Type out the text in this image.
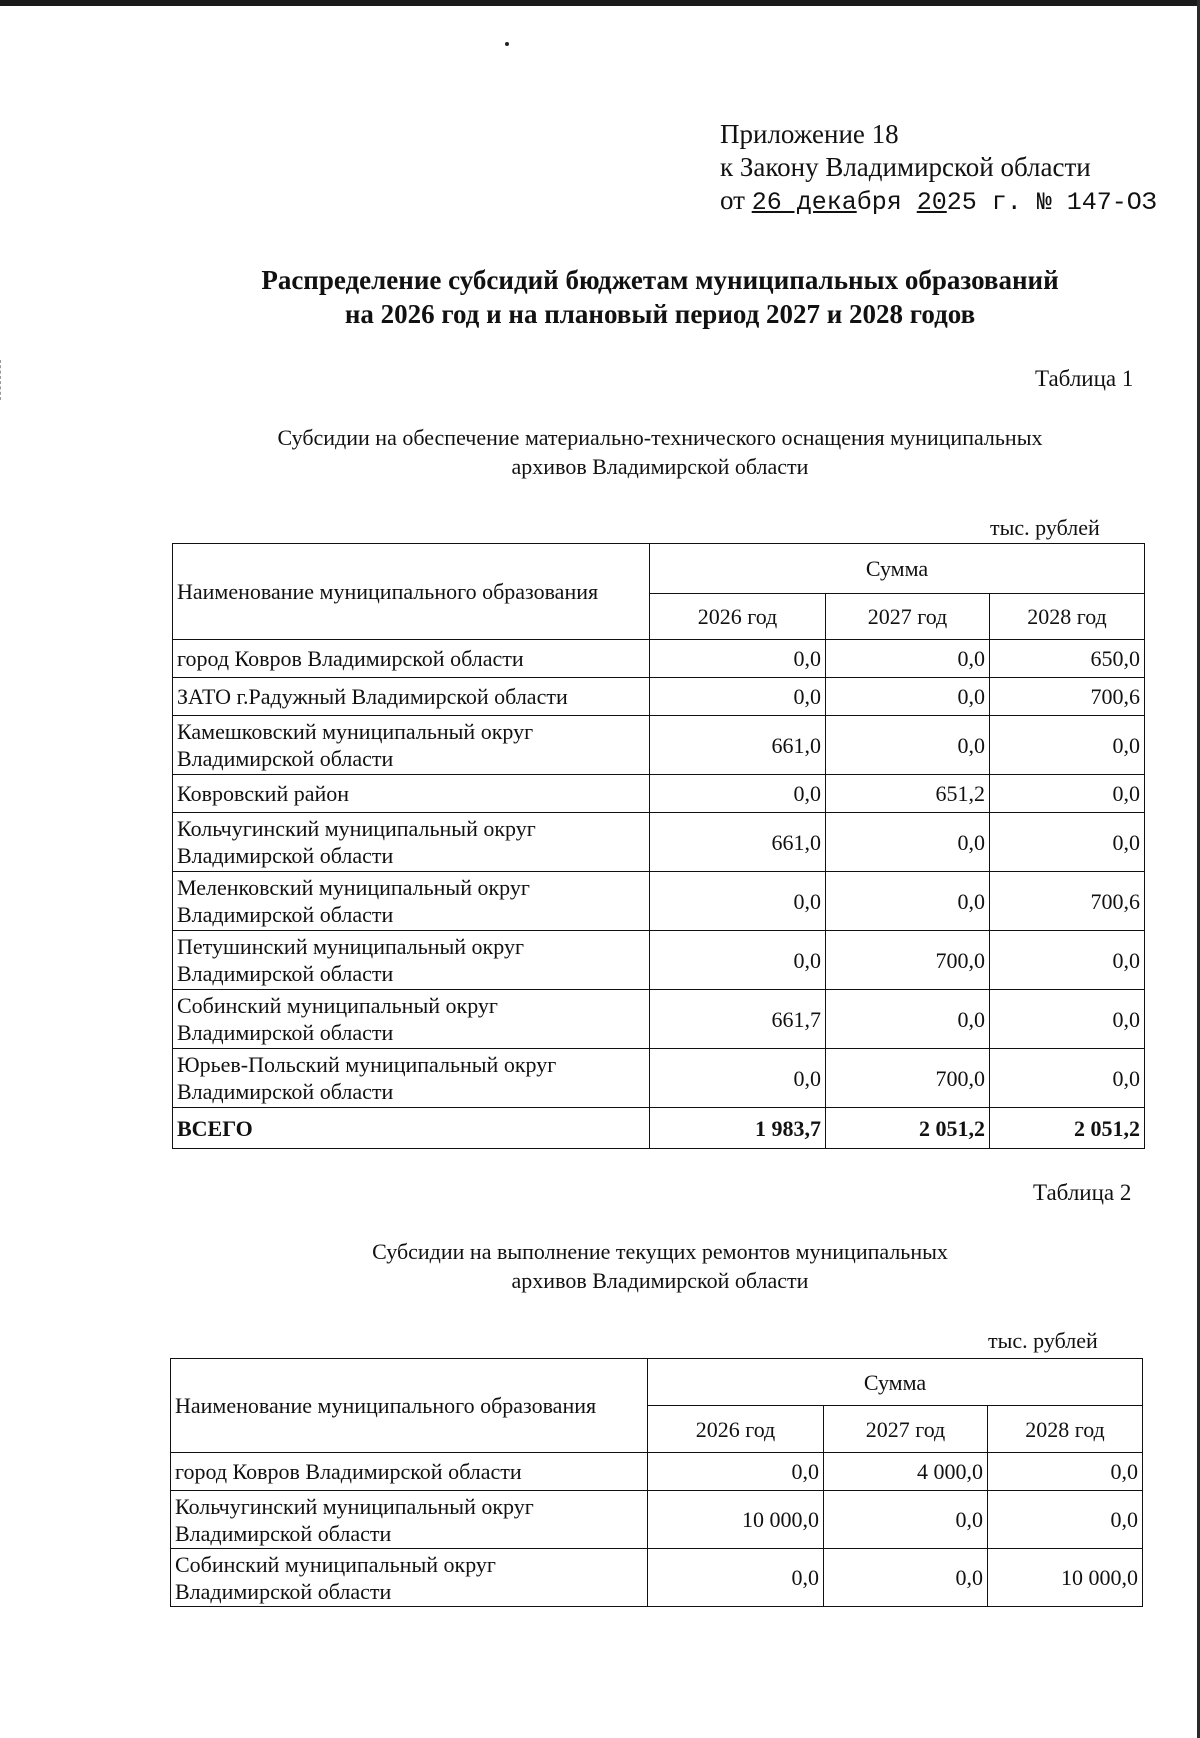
Приложение 18
к Закону Владимирской области
от 26 декабря 2025 г. № 147-ОЗ
Распределение субсидий бюджетам муниципальных образований
на 2026 год и на плановый период 2027 и 2028 годов
Таблица 1
Субсидии на обеспечение материально-технического оснащения муниципальных
архивов Владимирской области
тыс. рублей
Наименование муниципального образования	Сумма		
	2026 год	2027 год	2028 год

город Ковров Владимирской области	0,0	0,0	650,0

ЗАТО г.Радужный Владимирской области	0,0	0,0	700,6

Камешковский муниципальный округ
Владимирской области	661,0	0,0	0,0

Ковровский район	0,0	651,2	0,0

Кольчугинский муниципальный округ
Владимирской области	661,0	0,0	0,0

Меленковский муниципальный округ
Владимирской области	0,0	0,0	700,6

Петушинский муниципальный округ
Владимирской области	0,0	700,0	0,0

Собинский муниципальный округ
Владимирской области	661,7	0,0	0,0

Юрьев-Польский муниципальный округ
Владимирской области	0,0	700,0	0,0
ВСЕГО	1 983,7	2 051,2	2 051,2
Таблица 2
Субсидии на выполнение текущих ремонтов муниципальных
архивов Владимирской области
тыс. рублей
Наименование муниципального образования	Сумма		
	2026 год	2027 год	2028 год

город Ковров Владимирской области	0,0	4 000,0	0,0

Кольчугинский муниципальный округ
Владимирской области	10 000,0	0,0	0,0

Собинский муниципальный округ
Владимирской области	0,0	0,0	10 000,0
